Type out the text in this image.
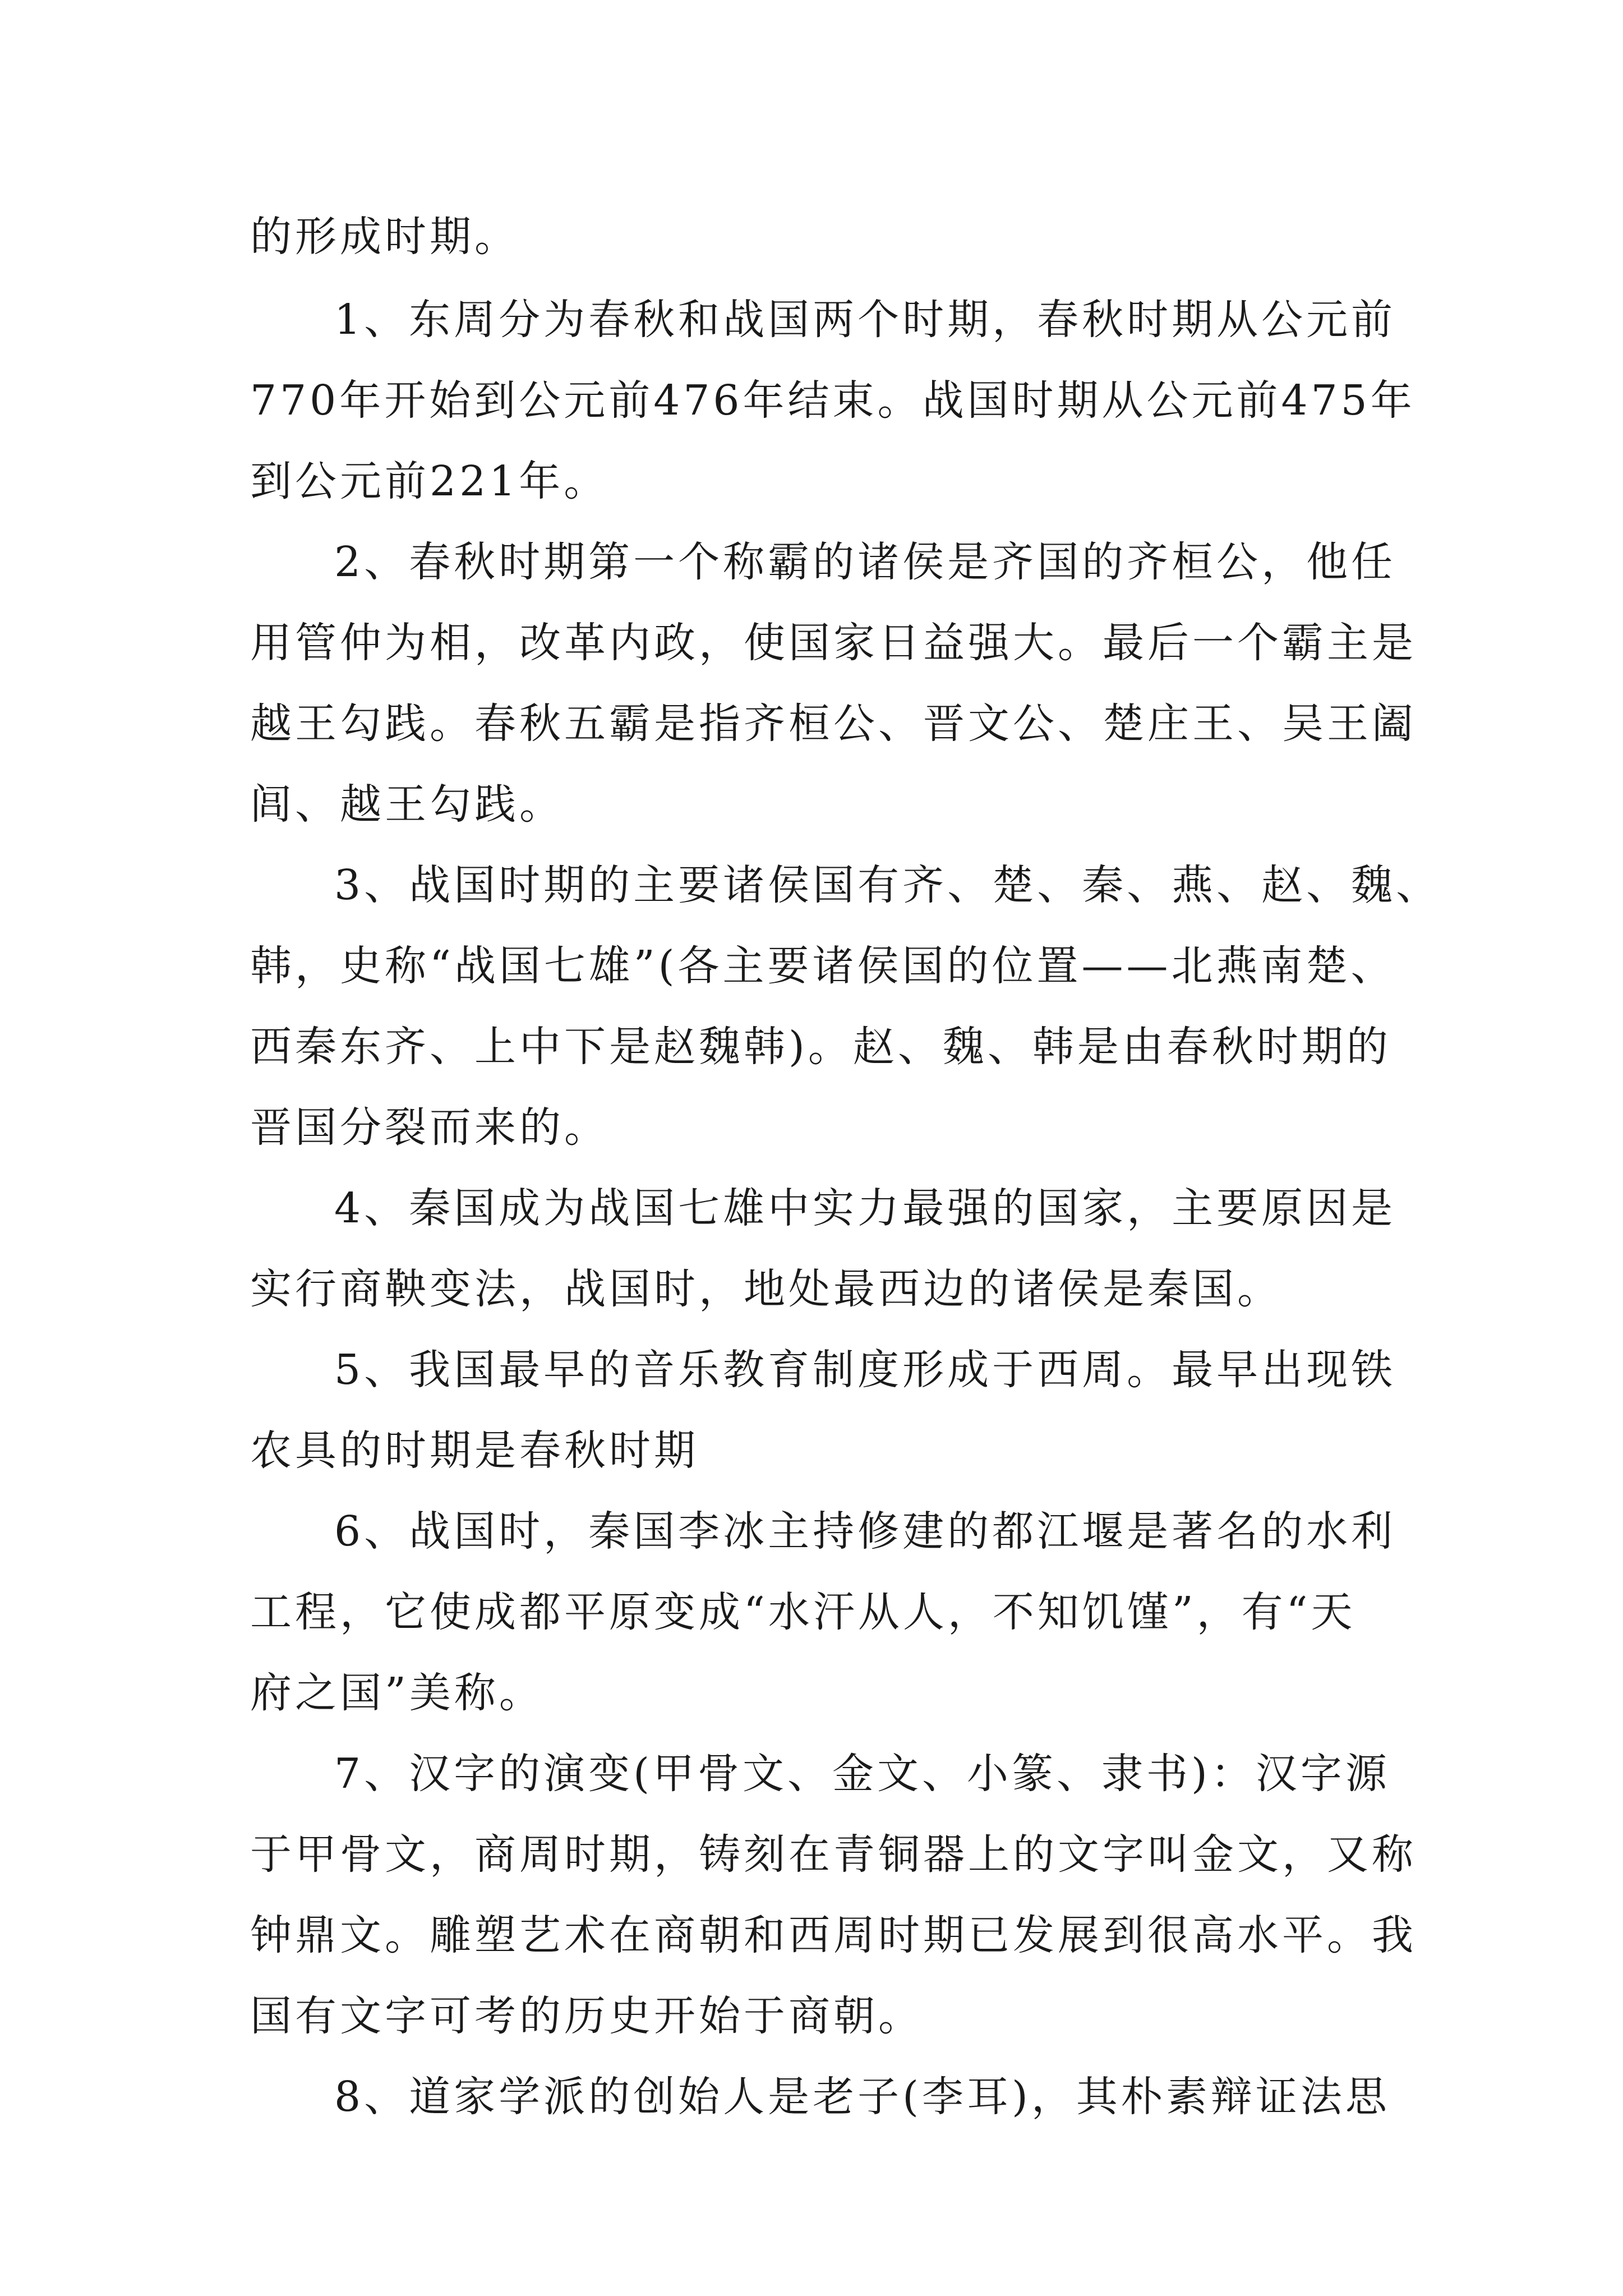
的形成时期。
1、东周分为春秋和战国两个时期，春秋时期从公元前
770年开始到公元前476年结束。战国时期从公元前475年
到公元前221年。
2、春秋时期第一个称霸的诸侯是齐国的齐桓公，他任
用管仲为相，改革内政，使国家日益强大。最后一个霸主是
越王勾践。春秋五霸是指齐桓公、晋文公、楚庄王、吴王阖
闾、越王勾践。
3、战国时期的主要诸侯国有齐、楚、秦、燕、赵、魏、
韩，史称“战国七雄”(各主要诸侯国的位置——北燕南楚、
西秦东齐、上中下是赵魏韩)。赵、魏、韩是由春秋时期的
晋国分裂而来的。
4、秦国成为战国七雄中实力最强的国家，主要原因是
实行商鞅变法，战国时，地处最西边的诸侯是秦国。
5、我国最早的音乐教育制度形成于西周。最早出现铁
农具的时期是春秋时期
6、战国时，秦国李冰主持修建的都江堰是著名的水利
工程，它使成都平原变成“水汗从人，不知饥馑”，有“天
府之国”美称。
7、汉字的演变(甲骨文、金文、小篆、隶书)：汉字源
于甲骨文，商周时期，铸刻在青铜器上的文字叫金文，又称
钟鼎文。雕塑艺术在商朝和西周时期已发展到很高水平。我
国有文字可考的历史开始于商朝。
8、道家学派的创始人是老子(李耳)，其朴素辩证法思
